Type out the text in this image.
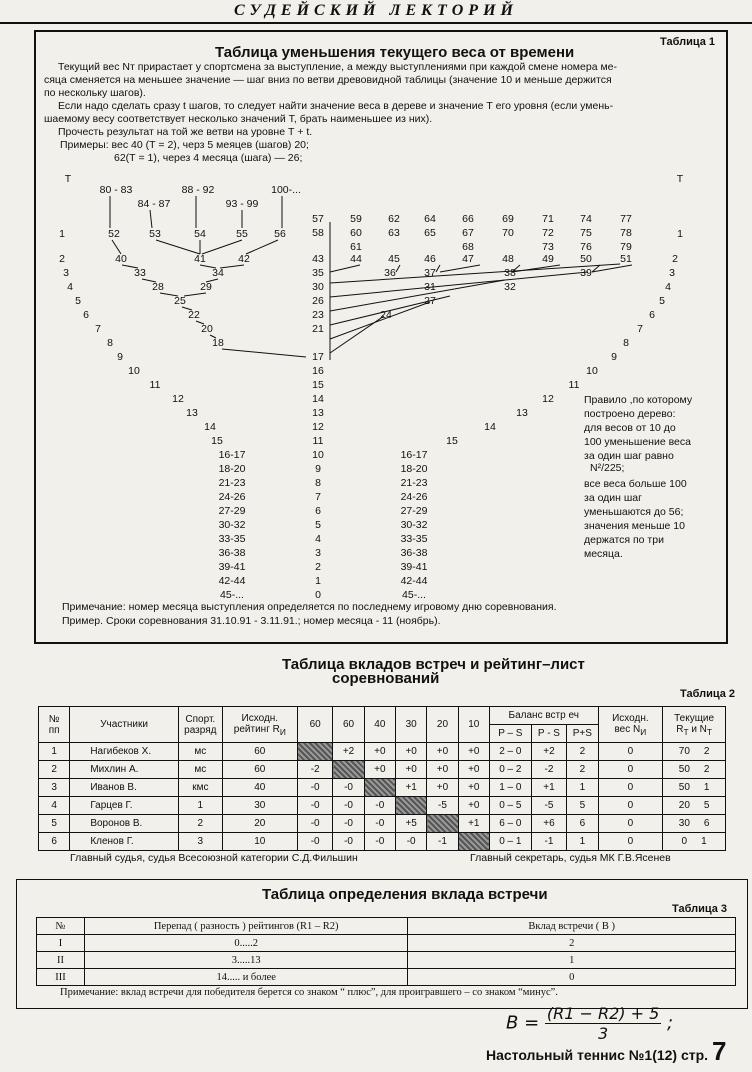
СУДЕЙСКИЙ ЛЕКТОРИЙ
Таблица 1
Таблица уменьшения текущего веса от времени
Текущий вес Nт прирастает у спортсмена за выступление, а между выступлениями при каждой смене номера ме-
сяца сменяется на меньшее значение — шаг вниз по ветви древовидной таблицы (значение 10 и меньше держится
по нескольку шагов).
Если надо сделать сразу t шагов, то следует найти значение веса в дереве и значение Т его уровня (если умень-
шаемому весу соответствует несколько значений Т, брать наименьшее из них).
Прочесть результат на той же ветви на уровне Т + t.
Примеры: вес 40 (Т = 2), черз 5 меяцев (шагов) 20;
62(Т = 1), через 4 месяца (шага) — 26;
T	T
80 - 83
84 - 87
88 - 92
93 - 99
100-...
1
2
3
4
5
6
7
8
9
10
11
12
13
14
15
2
3
4
5
6
7
8
9
10
11
12
13
14
15
1
57	59	62 64	66	69	71	74	77
58	60	63 65	67	70	72	75	78
61	68	73	76	79
43	44	45 46	47	48	49	50	51
35	36	37	38	39
30	31	32
26	27
23	24
21
52	53	54	55	56
40	41	42
33	34
28	29
25
22
20
18
17
16
15
14
13
12
11
10
9
8
7
6
5
4
3
2
1
0
16-17
18-20
21-23
24-26
27-29
30-32
33-35
36-38
39-41
42-44
45-...
16-17
18-20
21-23
24-26
27-29
30-32
33-35
36-38
39-41
42-44
45-...
Правило ,по которому
построено дерево:
для весов от 10 до
100 уменьшение веса
за один шаг равно
N²/225;
все веса больше 100
за один шаг
уменьшаются до 56;
значения меньше 10
держатся по три
месяца.
Примечание: номер месяца выступления определяется по последнему игровому дню соревнования.
Пример. Сроки соревнования 31.10.91 - 3.11.91.; номер месяца - 11 (ноябрь).
Таблица вкладов встреч и рейтинг–лист
соревнований
Таблица 2
№
пп	Участники	Спорт.
разряд	Исходн.
рейтинг $R_И$	60	60	40	30	20	10	Баланс встр еч			Исходн.
вес $N_И$	Текущие
$R_Т$ и $N_Т$
										P – S	P - S	P+S		
1	Нагибеков Х.	мс	60		+2	+0	+0	+0	+0	2 – 0	+2	2	0	70 2
2	Михлин А.	мс	60	-2		+0	+0	+0	+0	0 – 2	-2	2	0	50 2
3	Иванов В.	кмс	40	-0	-0		+1	+0	+0	1 – 0	+1	1	0	50 1
4	Гарцев Г.	1	30	-0	-0	-0		-5	+0	0 – 5	-5	5	0	20 5
5	Воронов В.	2	20	-0	-0	-0	+5		+1	6 – 0	+6	6	0	30 6
6	Кленов Г.	3	10	-0	-0	-0	-0	-1		0 – 1	-1	1	0	0 1
Главный судья, судья Всесоюзной категории С.Д.Фильшин	Главный секретарь, судья МК Г.В.Ясенев
Таблица определения вклада встречи
Таблица 3
№	Перепад ( разность ) рейтингов (R1 – R2)	Вклад встречи ( B )
I	0.....2	2
II	3.....13	1
III	14..... и более	0
Примечание: вклад встречи для победителя берется со знаком “ плюс”, для проигравшего – со знаком “минус”.
$B = \frac{(R1 - R2) + 5}{3}$ ;
Настольный теннис №1(12) стр. 7
